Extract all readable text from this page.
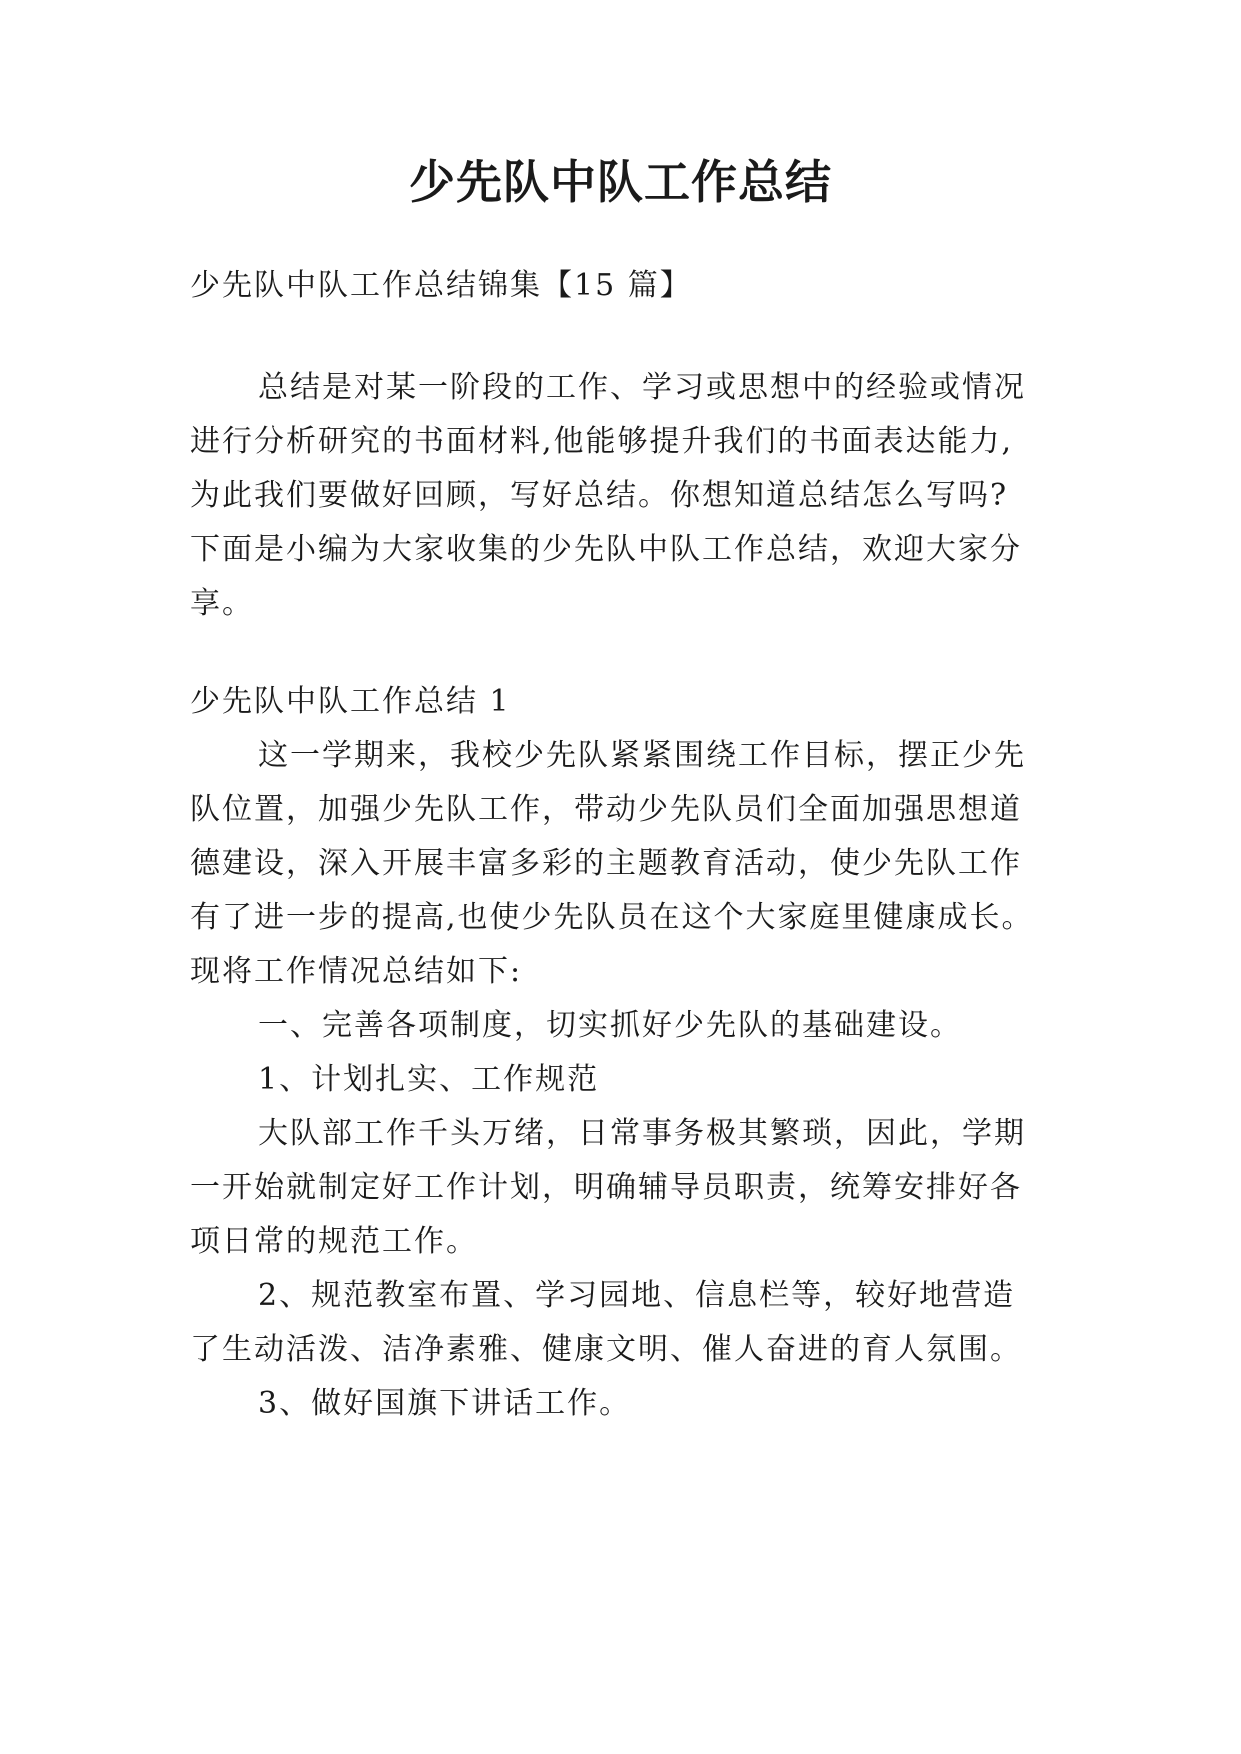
少先队中队工作总结

少先队中队工作总结锦集【15 篇】

总结是对某一阶段的工作、学习或思想中的经验或情况

进行分析研究的书面材料,他能够提升我们的书面表达能力,

为此我们要做好回顾，写好总结。你想知道总结怎么写吗?

下面是小编为大家收集的少先队中队工作总结，欢迎大家分

享。

少先队中队工作总结 1

这一学期来，我校少先队紧紧围绕工作目标，摆正少先

队位置，加强少先队工作，带动少先队员们全面加强思想道

德建设，深入开展丰富多彩的主题教育活动，使少先队工作

有了进一步的提高,也使少先队员在这个大家庭里健康成长。

现将工作情况总结如下:

一、完善各项制度，切实抓好少先队的基础建设。

1、计划扎实、工作规范

大队部工作千头万绪，日常事务极其繁琐，因此，学期

一开始就制定好工作计划，明确辅导员职责，统筹安排好各

项日常的规范工作。

2、规范教室布置、学习园地、信息栏等，较好地营造

了生动活泼、洁净素雅、健康文明、催人奋进的育人氛围。

3、做好国旗下讲话工作。
